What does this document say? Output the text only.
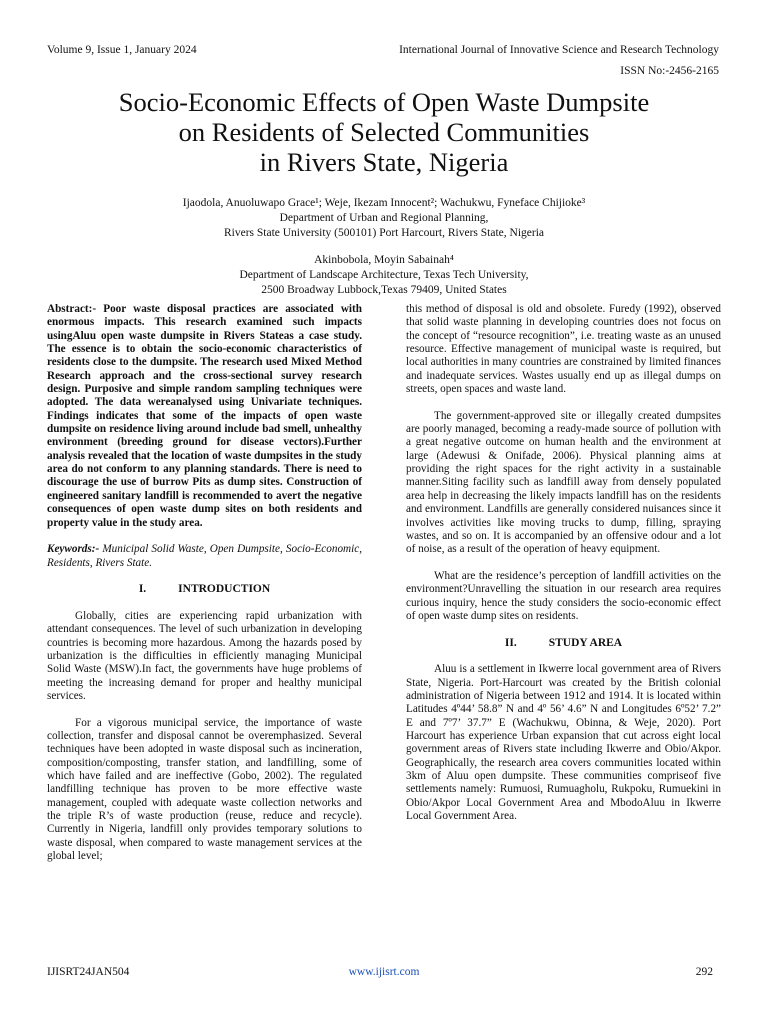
Volume 9, Issue 1, January 2024	International Journal of Innovative Science and Research Technology
ISSN No:-2456-2165
Socio-Economic Effects of Open Waste Dumpsite
on Residents of Selected Communities
in Rivers State, Nigeria
Ijaodola, Anuoluwapo Grace¹; Weje, Ikezam Innocent²; Wachukwu, Fyneface Chijioke³
Department of Urban and Regional Planning,
Rivers State University (500101) Port Harcourt, Rivers State, Nigeria
Akinbobola, Moyin Sabainah⁴
Department of Landscape Architecture, Texas Tech University,
2500 Broadway Lubbock,Texas 79409, United States

Abstract:- Poor waste disposal practices are associated with enormous impacts. This research examined such impacts usingAluu open waste dumpsite in Rivers Stateas a case study. The essence is to obtain the socio-economic characteristics of residents close to the dumpsite. The research used Mixed Method Research approach and the cross-sectional survey research design. Purposive and simple random sampling techniques were adopted. The data wereanalysed using Univariate techniques. Findings indicates that some of the impacts of open waste dumpsite on residence living around include bad smell, unhealthy environment (breeding ground for disease vectors).Further analysis revealed that the location of waste dumpsites in the study area do not conform to any planning standards. There is need to discourage the use of burrow Pits as dump sites. Construction of engineered sanitary landfill is recommended to avert the negative consequences of open waste dump sites on both residents and property value in the study area.

Keywords:- Municipal Solid Waste, Open Dumpsite, Socio-Economic, Residents, Rivers State.

I.	INTRODUCTION

Globally, cities are experiencing rapid urbanization with attendant consequences. The level of such urbanization in developing countries is becoming more hazardous. Among the hazards posed by urbanization is the difficulties in efficiently managing Municipal Solid Waste (MSW).In fact, the governments have huge problems of meeting the increasing demand for proper and healthy municipal services.

For a vigorous municipal service, the importance of waste collection, transfer and disposal cannot be overemphasized. Several techniques have been adopted in waste disposal such as incineration, composition/composting, transfer station, and landfilling, some of which have failed and are ineffective (Gobo, 2002). The regulated landfilling technique has proven to be more effective waste management, coupled with adequate waste collection networks and the triple R’s of waste production (reuse, reduce and recycle). Currently in Nigeria, landfill only provides temporary solutions to waste disposal, when compared to waste management services at the global level;

this method of disposal is old and obsolete. Furedy (1992), observed that solid waste planning in developing countries does not focus on the concept of “resource recognition”, i.e. treating waste as an unused resource. Effective management of municipal waste is required, but local authorities in many countries are constrained by limited finances and inadequate services. Wastes usually end up as illegal dumps on streets, open spaces and waste land.

The government-approved site or illegally created dumpsites are poorly managed, becoming a ready-made source of pollution with a great negative outcome on human health and the environment at large (Adewusi & Onifade, 2006). Physical planning aims at providing the right spaces for the right activity in a sustainable manner.Siting facility such as landfill away from densely populated area help in decreasing the likely impacts landfill has on the residents and environment. Landfills are generally considered nuisances since it involves activities like moving trucks to dump, filling, spraying wastes, and so on. It is accompanied by an offensive odour and a lot of noise, as a result of the operation of heavy equipment.

What are the residence’s perception of landfill activities on the environment?Unravelling the situation in our research area requires curious inquiry, hence the study considers the socio-economic effect of open waste dump sites on residents.

II.	STUDY AREA

Aluu is a settlement in Ikwerre local government area of Rivers State, Nigeria. Port-Harcourt was created by the British colonial administration of Nigeria between 1912 and 1914. It is located within Latitudes 4º44’ 58.8” N and 4º 56’ 4.6” N and Longitudes 6º52’ 7.2” E and 7º7’ 37.7” E (Wachukwu, Obinna, & Weje, 2020). Port Harcourt has experience Urban expansion that cut across eight local government areas of Rivers state including Ikwerre and Obio/Akpor. Geographically, the research area covers communities located within 3km of Aluu open dumpsite. These communities compriseof five settlements namely: Rumuosi, Rumuagholu, Rukpoku, Rumuekini in Obio/Akpor Local Government Area and MbodoAluu in Ikwerre Local Government Area.

IJISRT24JAN504	www.ijisrt.com	292
